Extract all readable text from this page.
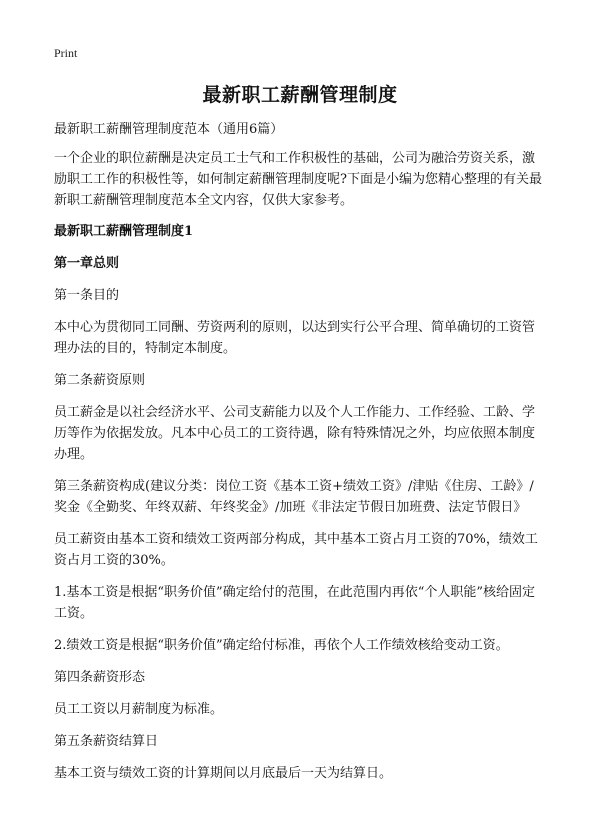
Print
最新职工薪酬管理制度

最新职工薪酬管理制度范本（通用6篇）

一个企业的职位薪酬是决定员工士气和工作积极性的基础，公司为融洽劳资关系，激励职工工作的积极性等，如何制定薪酬管理制度呢?下面是小编为您精心整理的有关最新职工薪酬管理制度范本全文内容，仅供大家参考。

最新职工薪酬管理制度1

第一章总则

第一条目的

本中心为贯彻同工同酬、劳资两利的原则，以达到实行公平合理、简单确切的工资管理办法的目的，特制定本制度。

第二条薪资原则

员工薪金是以社会经济水平、公司支薪能力以及个人工作能力、工作经验、工龄、学历等作为依据发放。凡本中心员工的工资待遇，除有特殊情况之外，均应依照本制度办理。

第三条薪资构成(建议分类：岗位工资《基本工资+绩效工资》/津贴《住房、工龄》/奖金《全勤奖、年终双薪、年终奖金》/加班《非法定节假日加班费、法定节假日》

员工薪资由基本工资和绩效工资两部分构成，其中基本工资占月工资的70%，绩效工资占月工资的30%。

1.基本工资是根据“职务价值”确定给付的范围，在此范围内再依“个人职能”核给固定工资。

2.绩效工资是根据“职务价值”确定给付标准，再依个人工作绩效核给变动工资。

第四条薪资形态

员工工资以月薪制度为标准。

第五条薪资结算日

基本工资与绩效工资的计算期间以月底最后一天为结算日。
